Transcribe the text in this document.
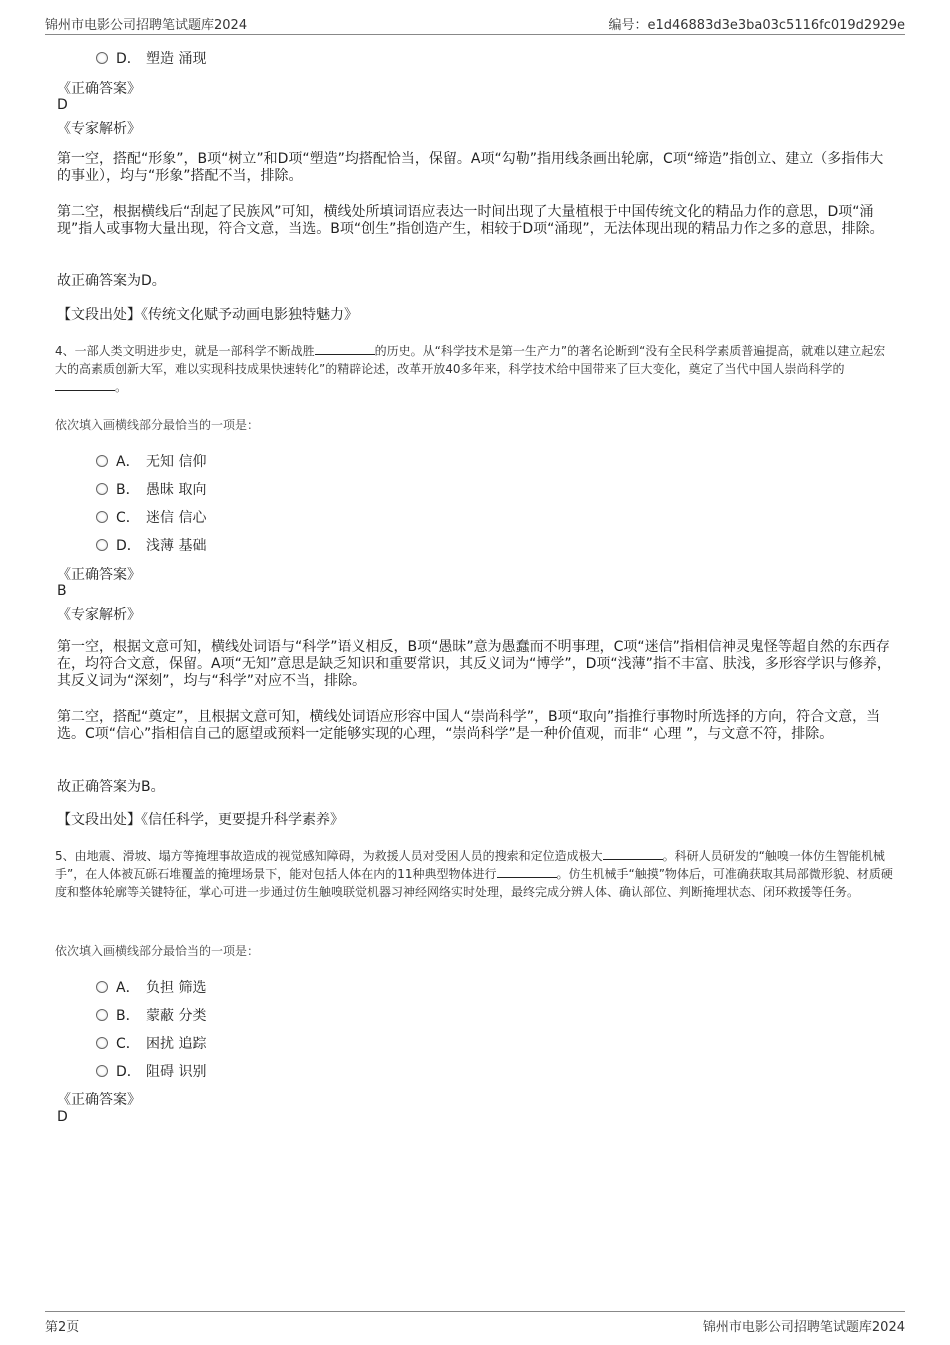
锦州市电影公司招聘笔试题库2024	编号：e1d46883d3e3ba03c5116fc019d2929e
D． 塑造 涌现
《正确答案》
D
《专家解析》
第一空，搭配“形象”，B项“树立”和D项“塑造”均搭配恰当，保留。A项“勾勒”指用线条画出轮廓，C项“缔造”指创立、建立（多指伟大的事业），均与“形象”搭配不当，排除。
第二空，根据横线后“刮起了民族风”可知，横线处所填词语应表达一时间出现了大量植根于中国传统文化的精品力作的意思，D项“涌现”指人或事物大量出现，符合文意，当选。B项“创生”指创造产生，相较于D项“涌现”，无法体现出现的精品力作之多的意思，排除。
故正确答案为D。
【文段出处】《传统文化赋予动画电影独特魅力》
4、一部人类文明进步史，就是一部科学不断战胜	的历史。从“科学技术是第一生产力”的著名论断到“没有全民科学素质普遍提高，就难以建立起宏大的高素质创新大军，难以实现科技成果快速转化”的精辟论述，改革开放40多年来，科学技术给中国带来了巨大变化，奠定了当代中国人崇尚科学的。
依次填入画横线部分最恰当的一项是：
A． 无知 信仰
B． 愚昧 取向
C． 迷信 信心
D． 浅薄 基础
《正确答案》
B
《专家解析》
第一空，根据文意可知，横线处词语与“科学”语义相反，B项“愚昧”意为愚蠢而不明事理，C项“迷信”指相信神灵鬼怪等超自然的东西存在，均符合文意，保留。A项“无知”意思是缺乏知识和重要常识，其反义词为“博学”，D项“浅薄”指不丰富、肤浅，多形容学识与修养，其反义词为“深刻”，均与“科学”对应不当，排除。
第二空，搭配“奠定”，且根据文意可知，横线处词语应形容中国人“崇尚科学”，B项“取向”指推行事物时所选择的方向，符合文意，当选。C项“信心”指相信自己的愿望或预料一定能够实现的心理，“崇尚科学”是一种价值观，而非“ 心理 ”，与文意不符，排除。
故正确答案为B。
【文段出处】《信任科学，更要提升科学素养》
5、由地震、滑坡、塌方等掩埋事故造成的视觉感知障碍，为救援人员对受困人员的搜索和定位造成极大	。科研人员研发的“触嗅一体仿生智能机械手”，在人体被瓦砾石堆覆盖的掩埋场景下，能对包括人体在内的11种典型物体进行	。仿生机械手“触摸”物体后，可准确获取其局部微形貌、材质硬度和整体轮廓等关键特征，掌心可进一步通过仿生触嗅联觉机器习神经网络实时处理，最终完成分辨人体、确认部位、判断掩埋状态、闭环救援等任务。
依次填入画横线部分最恰当的一项是：
A． 负担 筛选
B． 蒙蔽 分类
C． 困扰 追踪
D． 阻碍 识别
《正确答案》
D
第2页	锦州市电影公司招聘笔试题库2024
